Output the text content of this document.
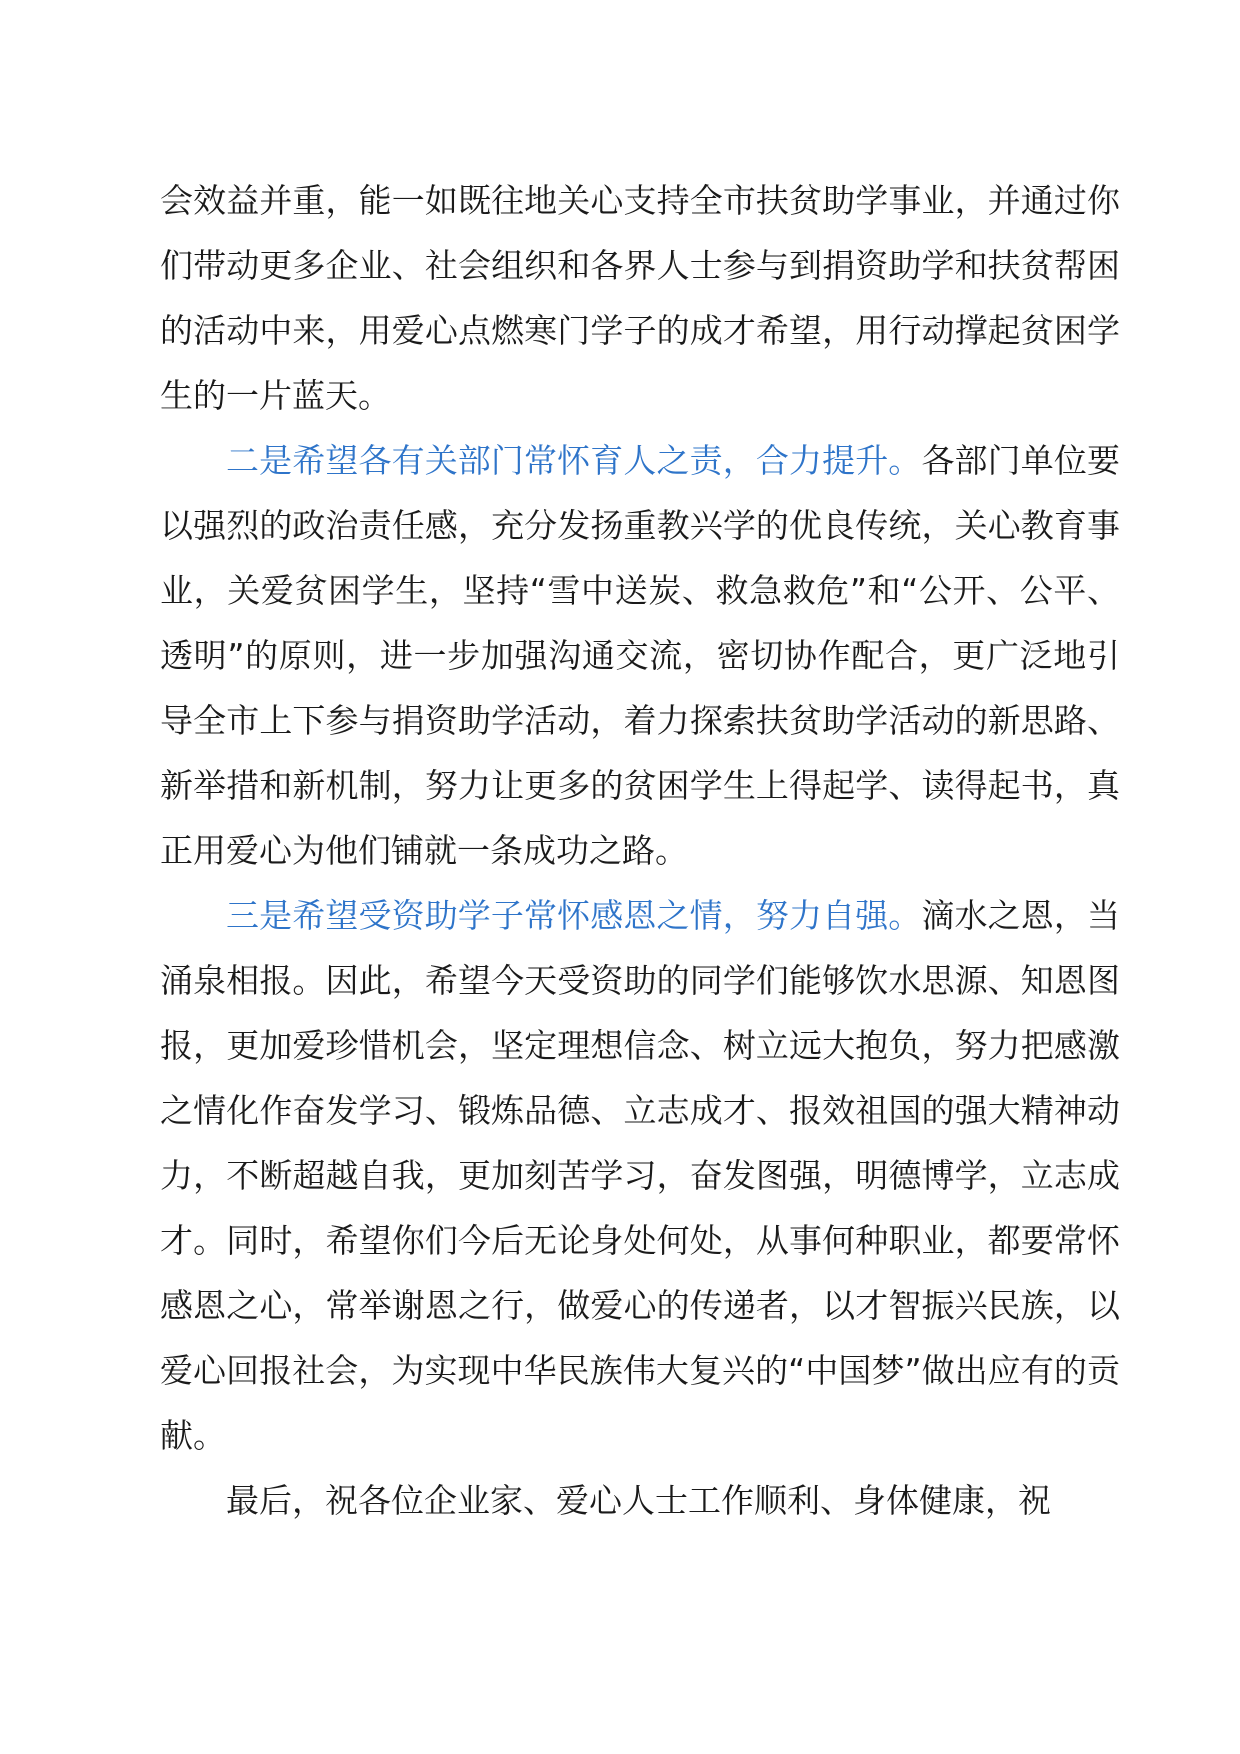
会效益并重，能一如既往地关心支持全市扶贫助学事业，并通过你们带动更多企业、社会组织和各界人士参与到捐资助学和扶贫帮困的活动中来，用爱心点燃寒门学子的成才希望，用行动撑起贫困学生的一片蓝天。

二是希望各有关部门常怀育人之责，合力提升。各部门单位要以强烈的政治责任感，充分发扬重教兴学的优良传统，关心教育事业，关爱贫困学生，坚持“雪中送炭、救急救危”和“公开、公平、透明”的原则，进一步加强沟通交流，密切协作配合，更广泛地引导全市上下参与捐资助学活动，着力探索扶贫助学活动的新思路、新举措和新机制，努力让更多的贫困学生上得起学、读得起书，真正用爱心为他们铺就一条成功之路。

三是希望受资助学子常怀感恩之情，努力自强。滴水之恩，当涌泉相报。因此，希望今天受资助的同学们能够饮水思源、知恩图报，更加爱珍惜机会，坚定理想信念、树立远大抱负，努力把感激之情化作奋发学习、锻炼品德、立志成才、报效祖国的强大精神动力，不断超越自我，更加刻苦学习，奋发图强，明德博学，立志成才。同时，希望你们今后无论身处何处，从事何种职业，都要常怀感恩之心，常举谢恩之行，做爱心的传递者，以才智振兴民族，以爱心回报社会，为实现中华民族伟大复兴的“中国梦”做出应有的贡献。

最后，祝各位企业家、爱心人士工作顺利、身体健康，祝
